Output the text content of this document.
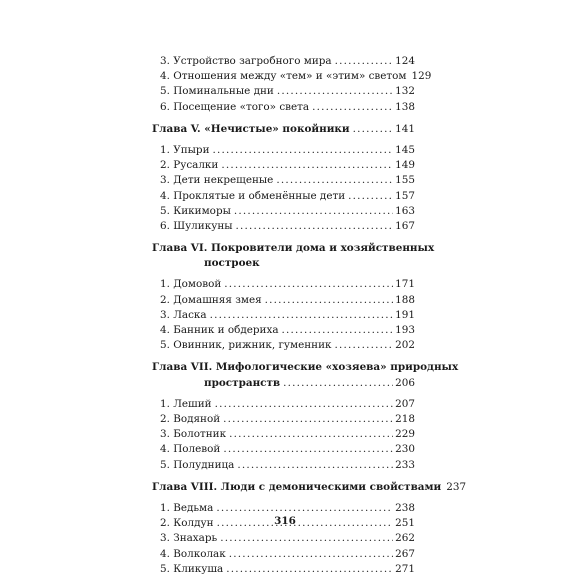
3. Устройство загробного мира .....	124
4. Отношения между «тем» и «этим» светом 129
5. Поминальные дни .....	132
6. Посещение «того» света .....	138
Глава V. «Нечистые» покойники .....	141
1. Упыри .....	145
2. Русалки .....	149
3. Дети некрещеные .....	155
4. Проклятые и обменённые дети .....	157
5. Кикиморы .....	163
6. Шуликуны .....	167
Глава VI. Покровители дома и хозяйственных
построек
1. Домовой .....	171
2. Домашняя змея .....	188
3. Ласка .....	191
4. Банник и обдериха .....	193
5. Овинник, рижник, гуменник .....	202
Глава VII. Мифологические «хозяева» природных
пространств .....	206
1. Леший .....	207
2. Водяной .....	218
3. Болотник .....	229
4. Полевой .....	230
5. Полудница .....	233
Глава VIII. Люди с демоническими свойствами 237
1. Ведьма .....	238
2. Колдун .....	251
3. Знахарь .....	262
4. Волколак .....	267
5. Кликуша .....	271
316
